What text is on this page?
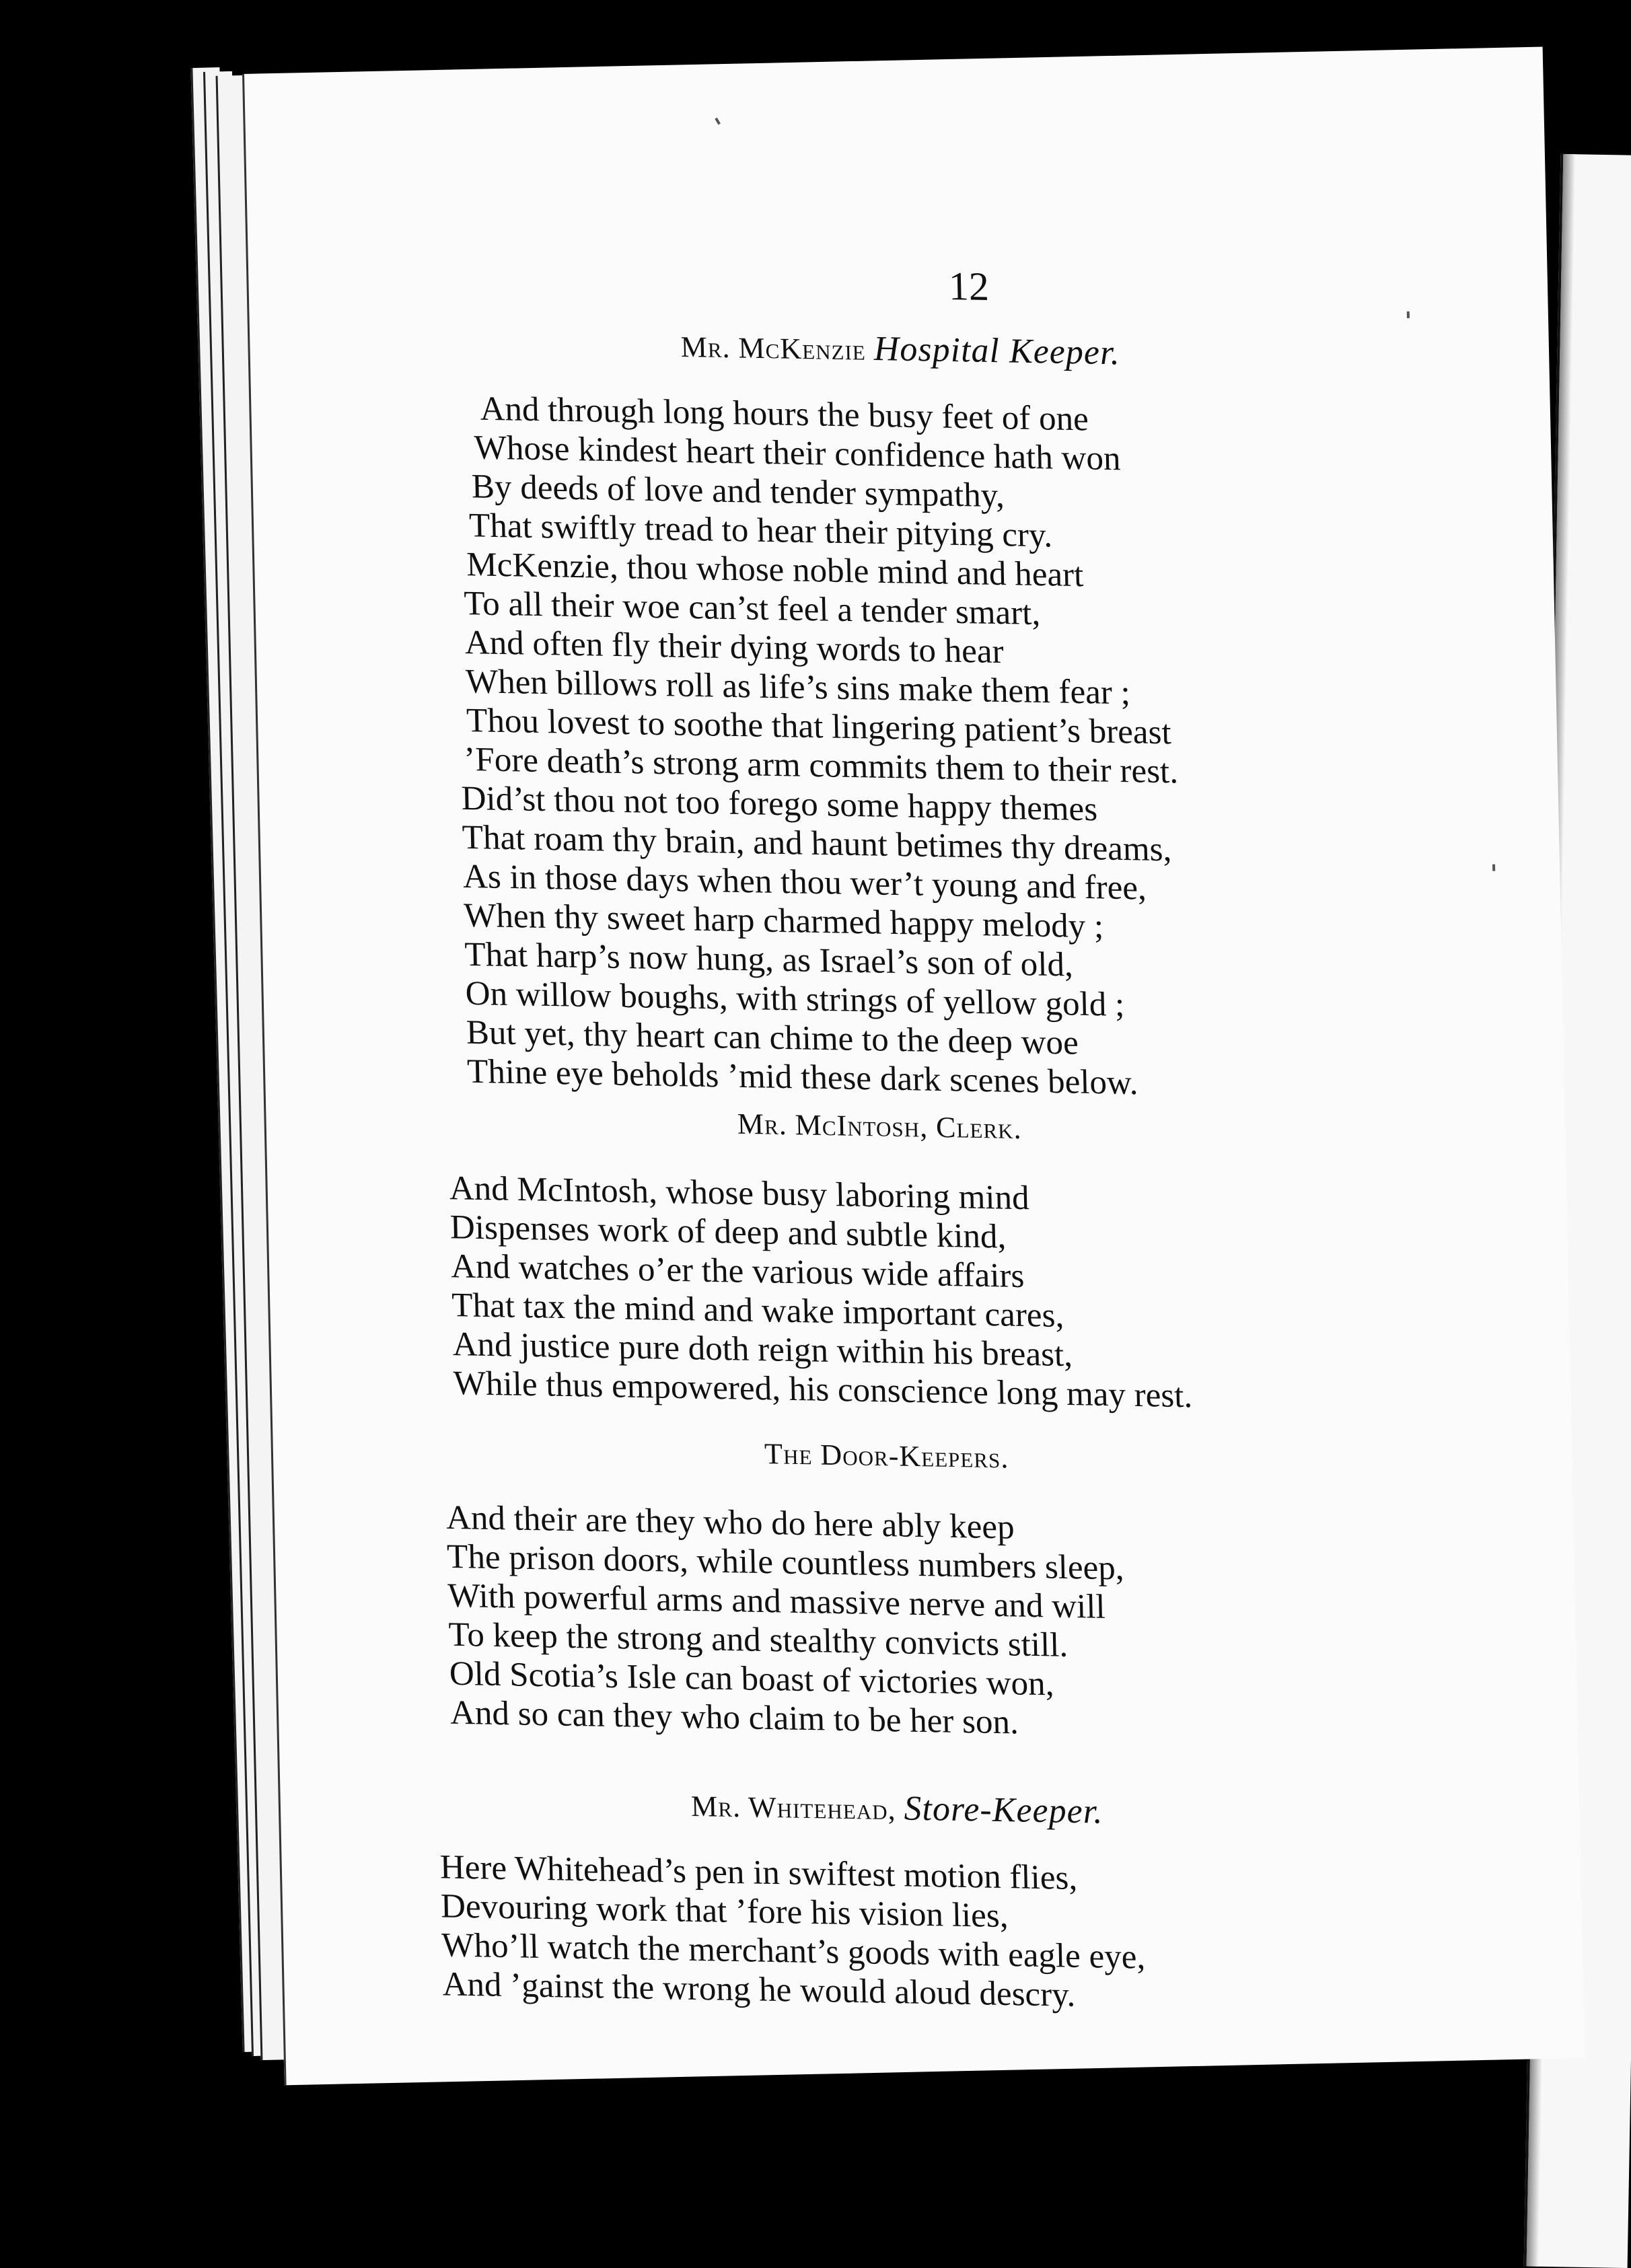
12
Mr. McKenzie Hospital Keeper.
And through long hours the busy feet of one
Whose kindest heart their confidence hath won
By deeds of love and tender sympathy,
That swiftly tread to hear their pitying cry.
McKenzie, thou whose noble mind and heart
To all their woe can’st feel a tender smart,
And often fly their dying words to hear
When billows roll as life’s sins make them fear ;
Thou lovest to soothe that lingering patient’s breast
’Fore death’s strong arm commits them to their rest.
Did’st thou not too forego some happy themes
That roam thy brain, and haunt betimes thy dreams,
As in those days when thou wer’t young and free,
When thy sweet harp charmed happy melody ;
That harp’s now hung, as Israel’s son of old,
On willow boughs, with strings of yellow gold ;
But yet, thy heart can chime to the deep woe
Thine eye beholds ’mid these dark scenes below.
Mr. McIntosh, Clerk.
And McIntosh, whose busy laboring mind
Dispenses work of deep and subtle kind,
And watches o’er the various wide affairs
That tax the mind and wake important cares,
And justice pure doth reign within his breast,
While thus empowered, his conscience long may rest.
The Door-Keepers.
And their are they who do here ably keep
The prison doors, while countless numbers sleep,
With powerful arms and massive nerve and will
To keep the strong and stealthy convicts still.
Old Scotia’s Isle can boast of victories won,
And so can they who claim to be her son.
Mr. Whitehead, Store-Keeper.
Here Whitehead’s pen in swiftest motion flies,
Devouring work that ’fore his vision lies,
Who’ll watch the merchant’s goods with eagle eye,
And ’gainst the wrong he would aloud descry.
